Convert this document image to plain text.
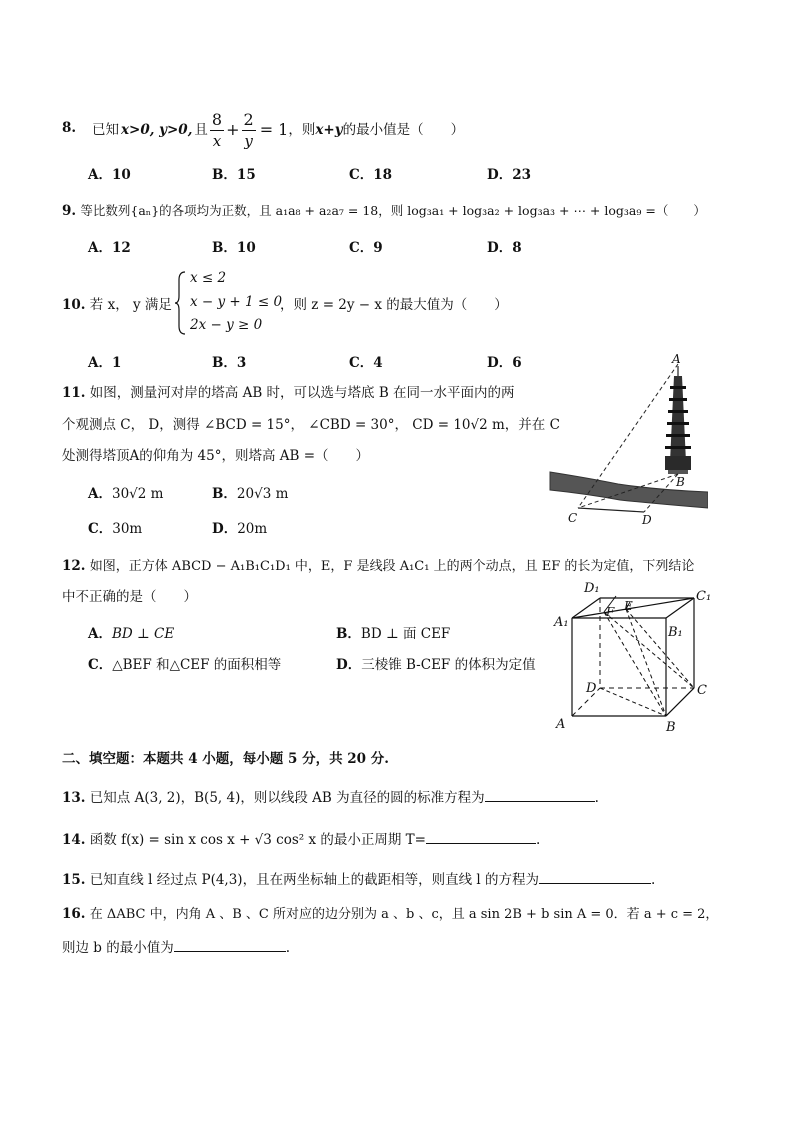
8. 已知 x>0, y>0, 且 $\frac{8}{x} + \frac{2}{y} = 1$ ，则 x+y 的最小值是（　　）
A．10	B．15	C．18	D．23
9. 等比数列{aₙ}的各项均为正数，且 a₁a₈ + a₂a₇ = 18，则 log₃a₁ + log₃a₂ + log₃a₃ + ⋯ + log₃a₉ =（　　）
A．12	B．10	C．9	D．8
10. 若 x， y 满足
x ≤ 2
x − y + 1 ≤ 0
2x − y ≥ 0
，则 z = 2y − x 的最大值为（　　）
A．1	B．3	C．4	D．6
11. 如图，测量河对岸的塔高 AB 时，可以选与塔底 B 在同一水平面内的两
个观测点 C， D，测得 ∠BCD = 15°， ∠CBD = 30°， CD = 10√2 m，并在 C
处测得塔顶A的仰角为 45°，则塔高 AB =（　　）
A．30√2 m	B．20√3 m
C．30m	D．20m
A
B
C	D
12. 如图，正方体 ABCD − A₁B₁C₁D₁ 中，E，F 是线段 A₁C₁ 上的两个动点，且 EF 的长为定值，下列结论
中不正确的是（　　）
A．BD ⊥ CE	B．BD ⊥ 面 CEF
C．△BEF 和△CEF 的面积相等	D．三棱锥 B-CEF 的体积为定值
D₁
C₁
A₁
B₁
F E
D	C
A	B
二、填空题：本题共 4 小题，每小题 5 分，共 20 分.
13. 已知点 A(3, 2)，B(5, 4)，则以线段 AB 为直径的圆的标准方程为	.
14. 函数 f(x) = sin x cos x + √3 cos² x 的最小正周期 T=	.
15. 已知直线 l 经过点 P(4,3)，且在两坐标轴上的截距相等，则直线 l 的方程为	.
16. 在 ΔABC 中，内角 A 、B 、C 所对应的边分别为 a 、b 、c，且 a sin 2B + b sin A = 0．若 a + c = 2，
则边 b 的最小值为	.
